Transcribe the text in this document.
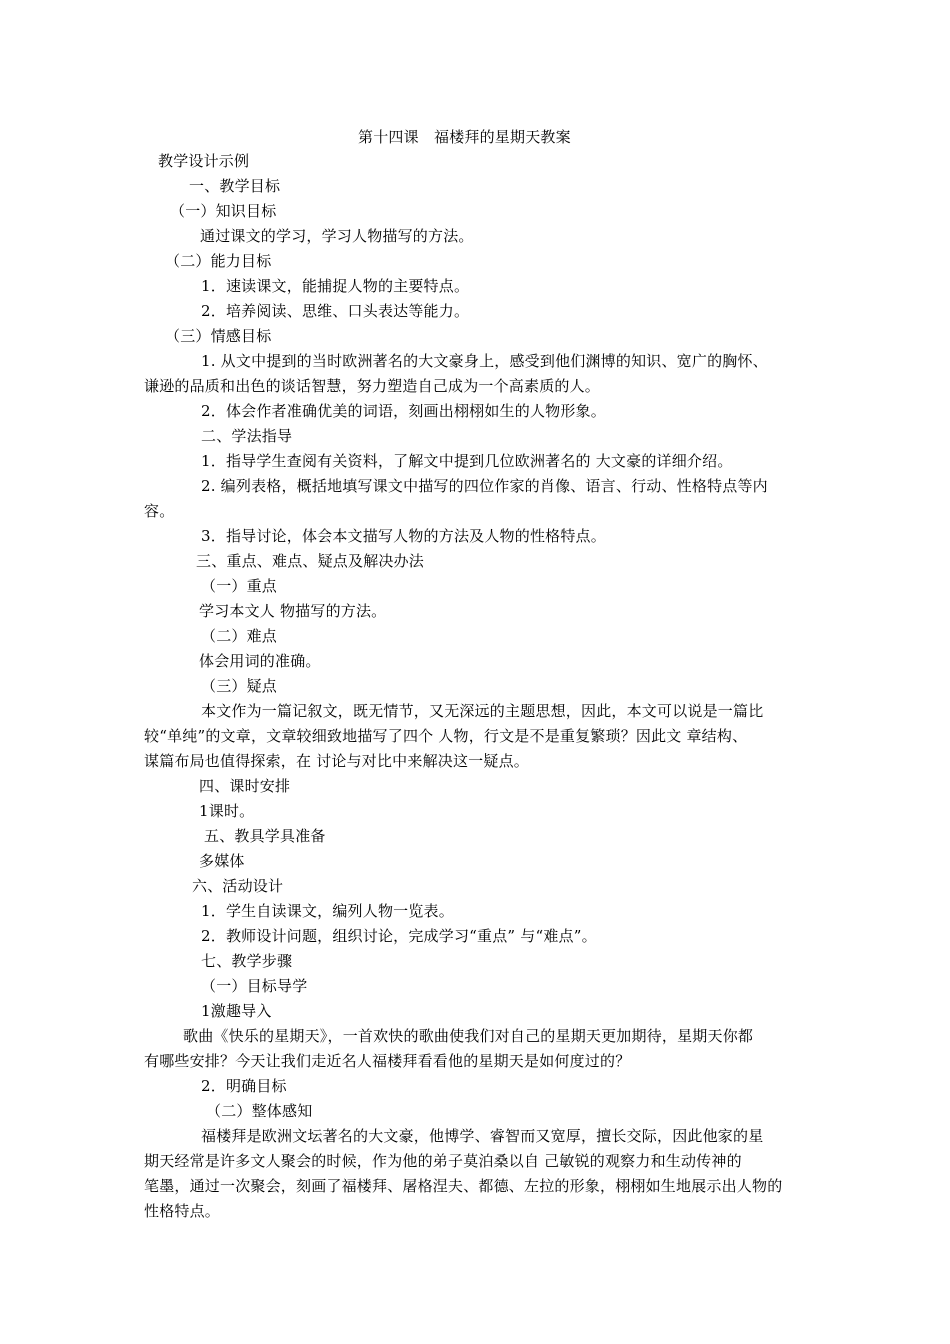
第十四课　福楼拜的星期天教案
教学设计示例
一、教学目标
（一）知识目标
通过课文的学习，学习人物描写的方法。
（二）能力目标
1．速读课文，能捕捉人物的主要特点。
2．培养阅读、思维、口头表达等能力。
（三）情感目标
1. 从文中提到的当时欧洲著名的大文豪身上，感受到他们渊博的知识、宽广的胸怀、
谦逊的品质和出色的谈话智慧，努力塑造自己成为一个高素质的人。
2．体会作者准确优美的词语，刻画出栩栩如生的人物形象。
二、学法指导
1．指导学生查阅有关资料，了解文中提到几位欧洲著名的 大文豪的详细介绍。
2. 编列表格，概括地填写课文中描写的四位作家的肖像、语言、行动、性格特点等内
容。
3．指导讨论，体会本文描写人物的方法及人物的性格特点。
三、重点、难点、疑点及解决办法
（一）重点
学习本文人 物描写的方法。
（二）难点
体会用词的准确。
（三）疑点
本文作为一篇记叙文，既无情节，又无深远的主题思想，因此，本文可以说是一篇比
较“单纯”的文章，文章较细致地描写了四个 人物，行文是不是重复繁琐？因此文 章结构、
谋篇布局也值得探索，在 讨论与对比中来解决这一疑点。
四、课时安排
1课时。
五、教具学具准备
多媒体
六、活动设计
1．学生自读课文，编列人物一览表。
2．教师设计问题，组织讨论，完成学习“重点” 与“难点”。
七、教学步骤
（一）目标导学
1激趣导入
歌曲《快乐的星期天》，一首欢快的歌曲使我们对自己的星期天更加期待，星期天你都
有哪些安排？今天让我们走近名人福楼拜看看他的星期天是如何度过的？
2．明确目标
（二）整体感知
福楼拜是欧洲文坛著名的大文豪，他博学、睿智而又宽厚，擅长交际，因此他家的星
期天经常是许多文人聚会的时候，作为他的弟子莫泊桑以自 己敏锐的观察力和生动传神的
笔墨，通过一次聚会，刻画了福楼拜、屠格涅夫、都德、左拉的形象，栩栩如生地展示出人物的
性格特点。
